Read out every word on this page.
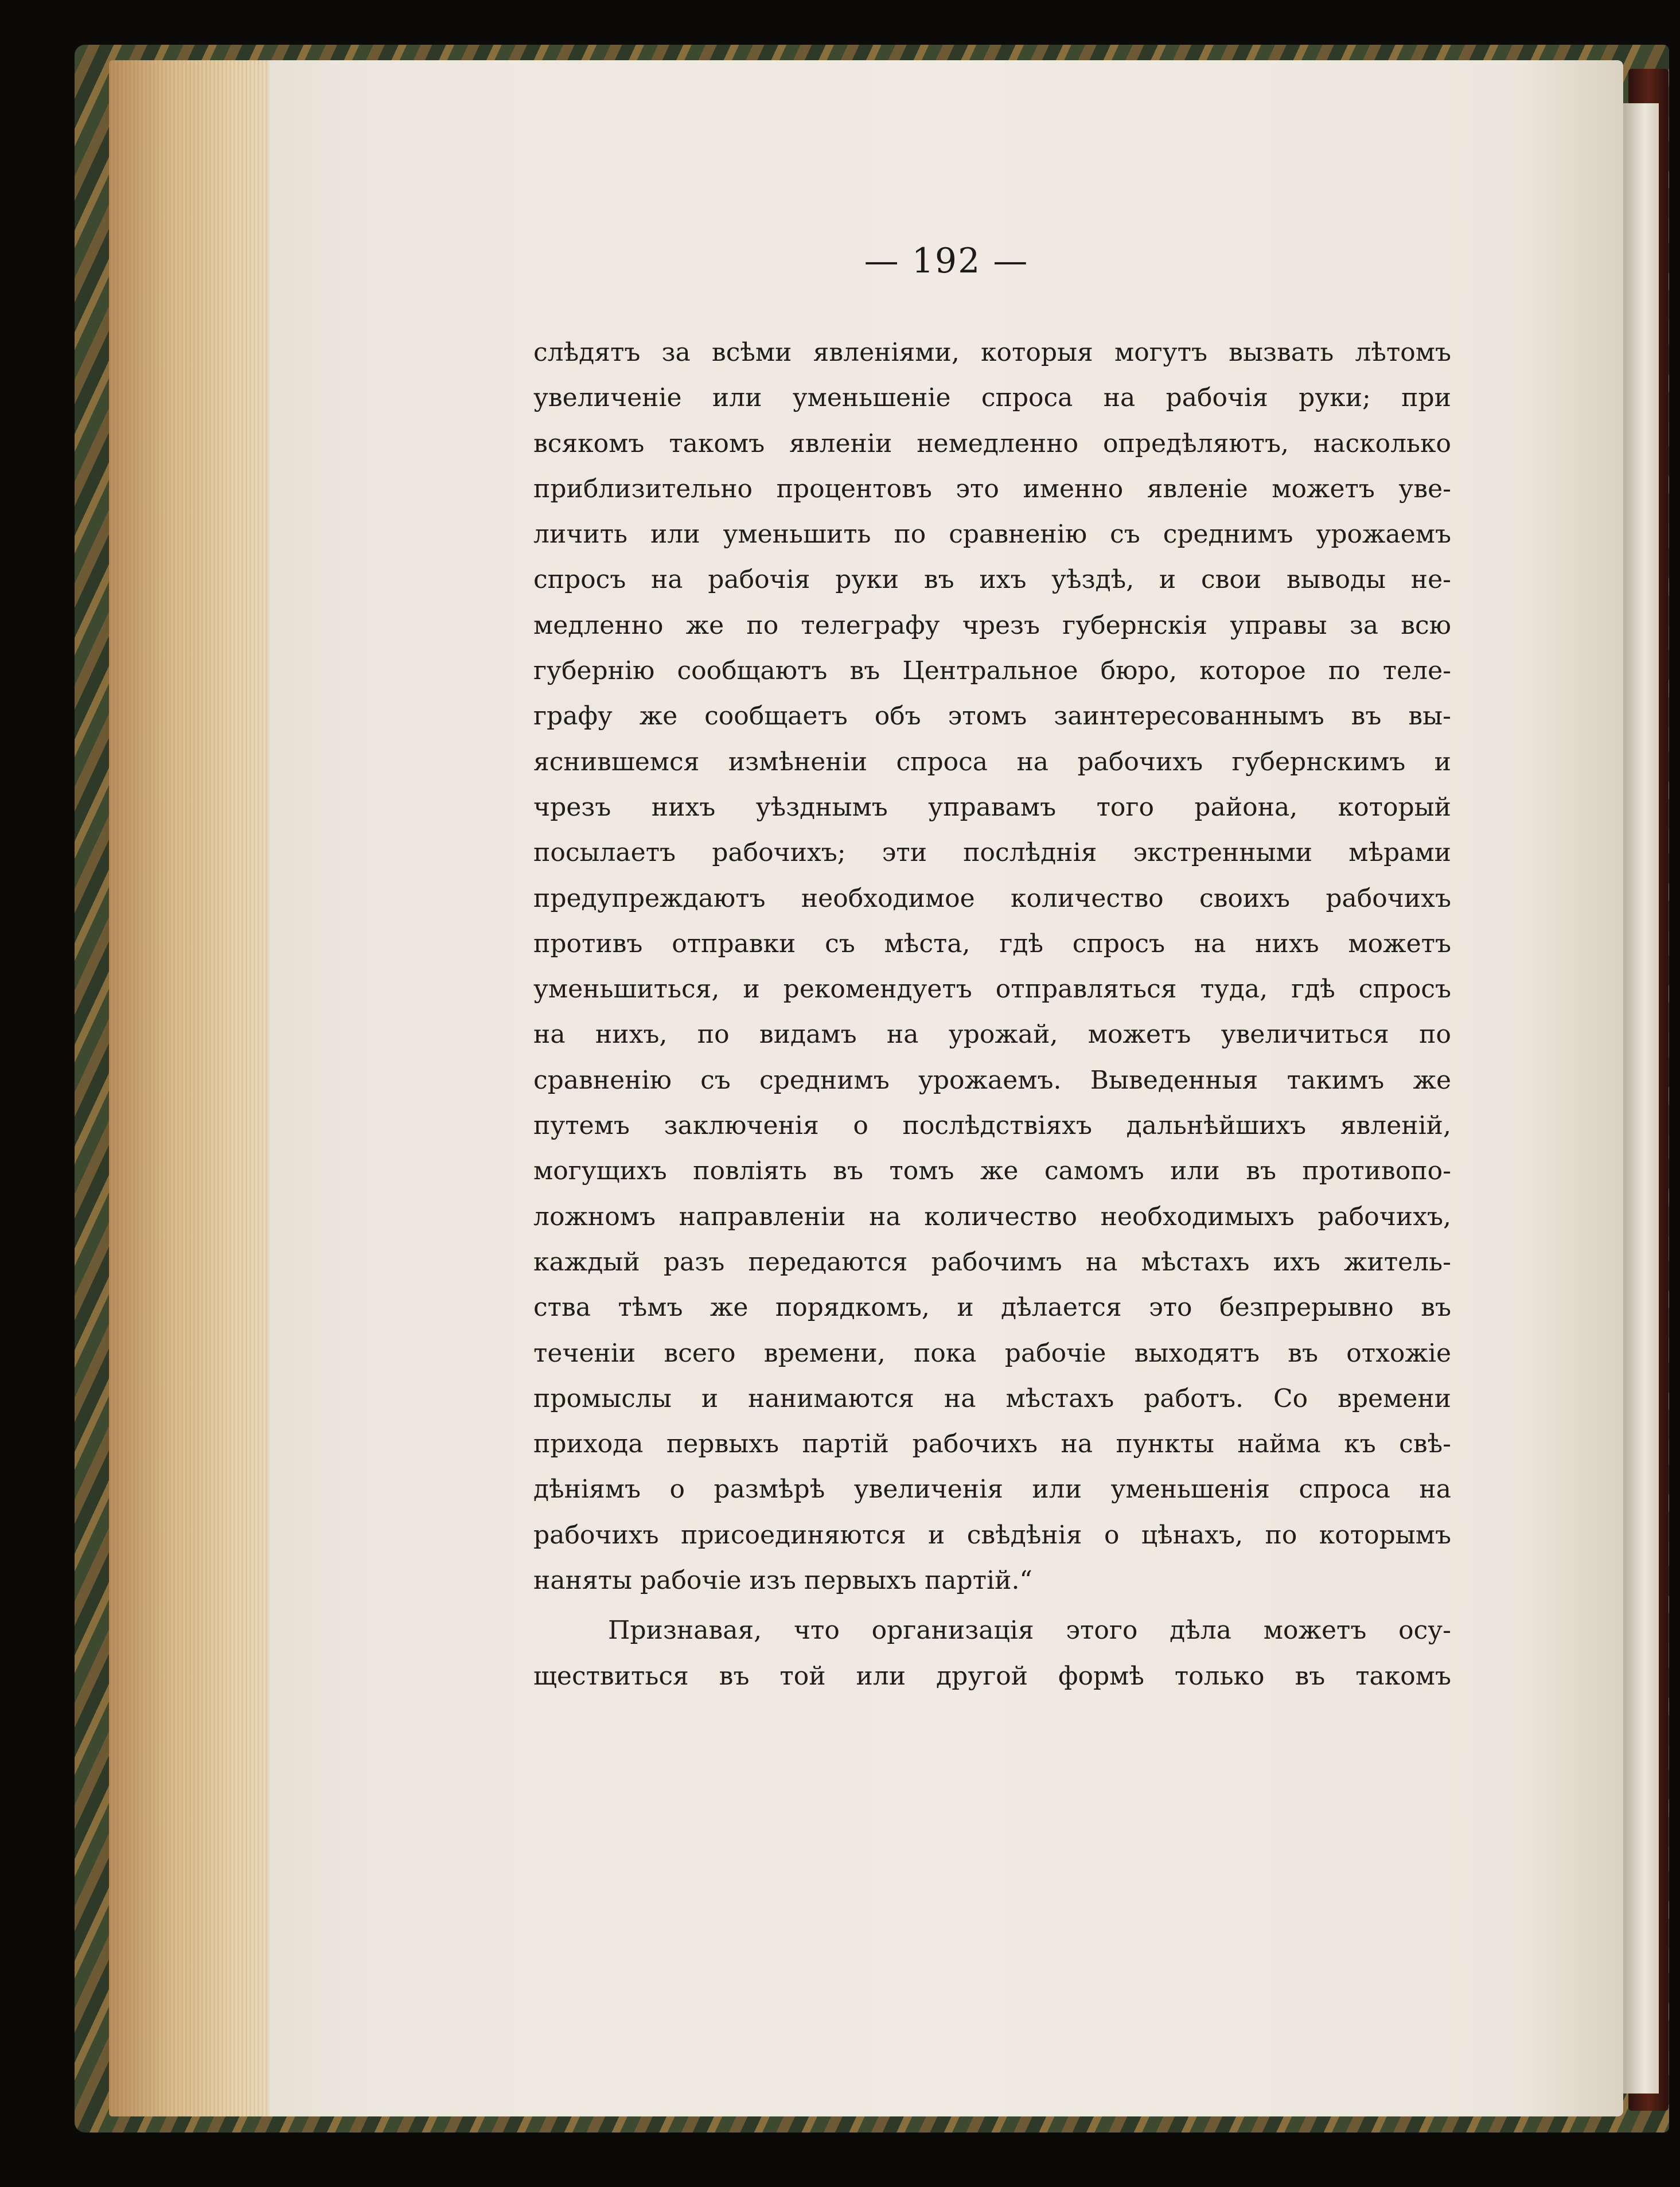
— 192 —
слѣдятъ за всѣми явленіями, которыя могутъ вызвать лѣтомъ
увеличеніе или уменьшеніе спроса на рабочія руки; при
всякомъ такомъ явленіи немедленно опредѣляютъ, насколько
приблизительно процентовъ это именно явленіе можетъ уве-
личить или уменьшить по сравненію съ среднимъ урожаемъ
спросъ на рабочія руки въ ихъ уѣздѣ, и свои выводы не-
медленно же по телеграфу чрезъ губернскія управы за всю
губернію сообщаютъ въ Центральное бюро, которое по теле-
графу же сообщаетъ объ этомъ заинтересованнымъ въ вы-
яснившемся измѣненіи спроса на рабочихъ губернскимъ и
чрезъ нихъ уѣзднымъ управамъ того района, который
посылаетъ рабочихъ; эти послѣднія экстренными мѣрами
предупреждаютъ необходимое количество своихъ рабочихъ
противъ отправки съ мѣста, гдѣ спросъ на нихъ можетъ
уменьшиться, и рекомендуетъ отправляться туда, гдѣ спросъ
на нихъ, по видамъ на урожай, можетъ увеличиться по
сравненію съ среднимъ урожаемъ. Выведенныя такимъ же
путемъ заключенія о послѣдствіяхъ дальнѣйшихъ явленій,
могущихъ повліять въ томъ же самомъ или въ противопо-
ложномъ направленіи на количество необходимыхъ рабочихъ,
каждый разъ передаются рабочимъ на мѣстахъ ихъ житель-
ства тѣмъ же порядкомъ, и дѣлается это безпрерывно въ
теченіи всего времени, пока рабочіе выходятъ въ отхожіе
промыслы и нанимаются на мѣстахъ работъ. Со времени
прихода первыхъ партій рабочихъ на пункты найма къ свѣ-
дѣніямъ о размѣрѣ увеличенія или уменьшенія спроса на
рабочихъ присоединяются и свѣдѣнія о цѣнахъ, по которымъ
наняты рабочіе изъ первыхъ партій.“
Признавая, что организація этого дѣла можетъ осу-
ществиться въ той или другой формѣ только въ такомъ
